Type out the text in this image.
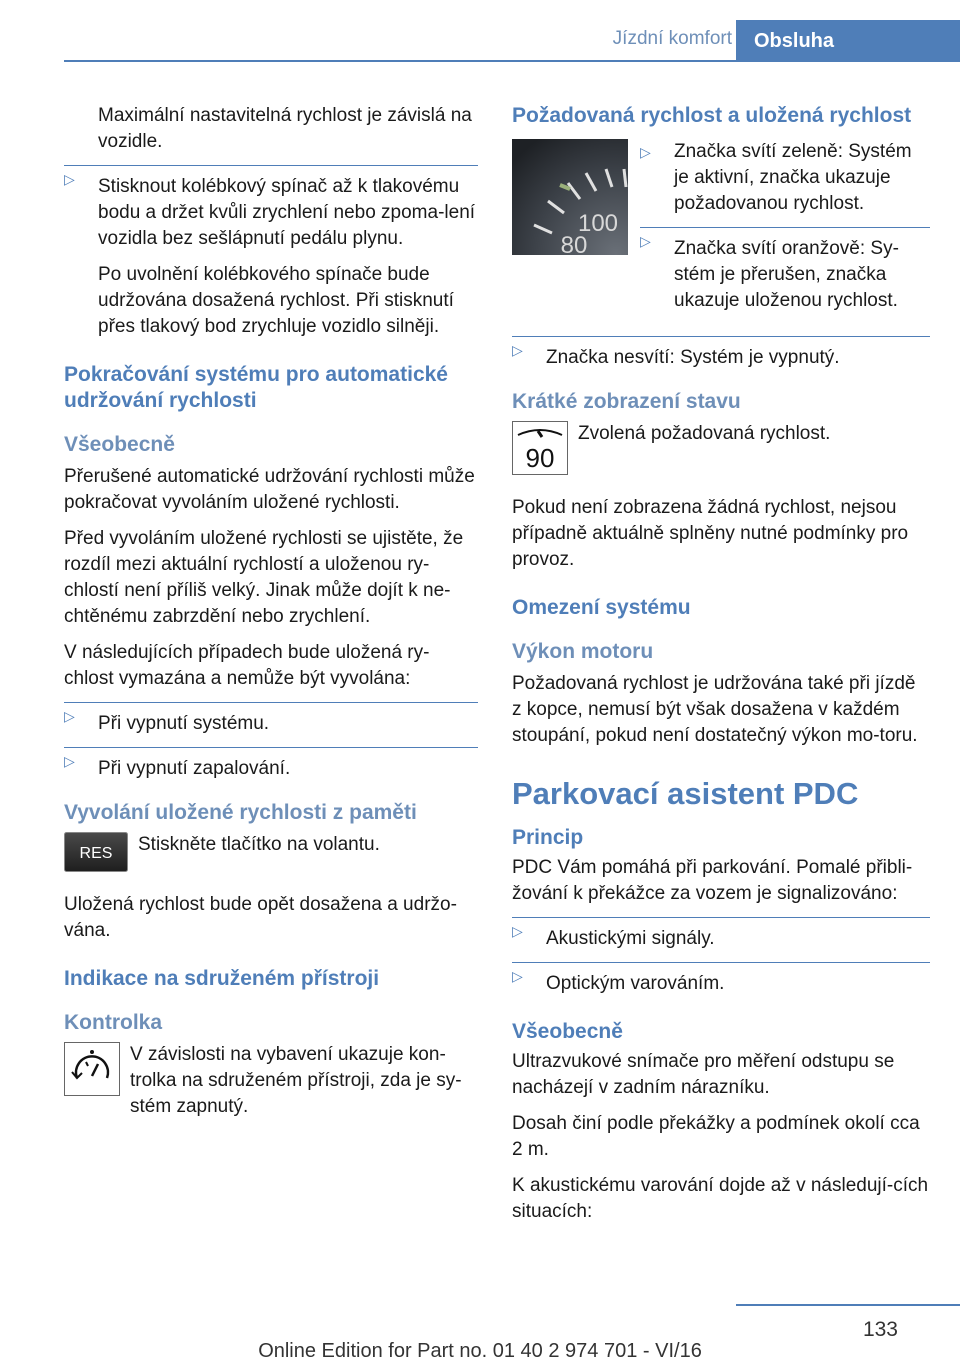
Jízdní komfort	Obsluha

Maximální nastavitelná rychlost je závislá na vozidle.

▷ Stisknout kolébkový spínač až k tlakovému bodu a držet kvůli zrychlení nebo zpoma‐lení vozidla bez sešlápnutí pedálu plynu.

Po uvolnění kolébkového spínače bude udržována dosažená rychlost. Při stisknutí přes tlakový bod zrychluje vozidlo silněji.

Pokračování systému pro automatické udržování rychlosti
Všeobecně

Přerušené automatické udržování rychlosti může pokračovat vyvoláním uložené rychlosti.

Před vyvoláním uložené rychlosti se ujistěte, že rozdíl mezi aktuální rychlostí a uloženou ry‐chlostí není příliš velký. Jinak může dojít k ne‐chtěnému zabrzdění nebo zrychlení.

V následujících případech bude uložená ry‐chlost vymazána a nemůže být vyvolána:

▷ Při vypnutí systému.
▷ Při vypnutí zapalování.
Vyvolání uložené rychlosti z paměti
RES Stiskněte tlačítko na volantu.

Uložená rychlost bude opět dosažena a udržo‐vána.

Indikace na sdruženém přístroji
Kontrolka
V závislosti na vybavení ukazuje kon‐trolka na sdruženém přístroji, zda je sy‐stém zapnutý.
Požadovaná rychlost a uložená rychlost
100
80
▷ Značka svítí zeleně: Systém je aktivní, značka ukazuje požadovanou rychlost.
▷ Značka svítí oranžově: Sy‐stém je přerušen, značka ukazuje uloženou rychlost.
▷ Značka nesvítí: Systém je vypnutý.
Krátké zobrazení stavu
90
Zvolená požadovaná rychlost.

Pokud není zobrazena žádná rychlost, nejsou případně aktuálně splněny nutné podmínky pro provoz.

Omezení systému
Výkon motoru

Požadovaná rychlost je udržována také při jízdě z kopce, nemusí být však dosažena v každém stoupání, pokud není dostatečný výkon mo‐toru.

Parkovací asistent PDC
Princip

PDC Vám pomáhá při parkování. Pomalé přibli‐žování k překážce za vozem je signalizováno:

▷ Akustickými signály.
▷ Optickým varováním.
Všeobecně

Ultrazvukové snímače pro měření odstupu se nacházejí v zadním nárazníku.

Dosah činí podle překážky a podmínek okolí cca 2 m.

K akustickému varování dojde až v následují‐cích situacích:

133
Online Edition for Part no. 01 40 2 974 701 - VI/16
